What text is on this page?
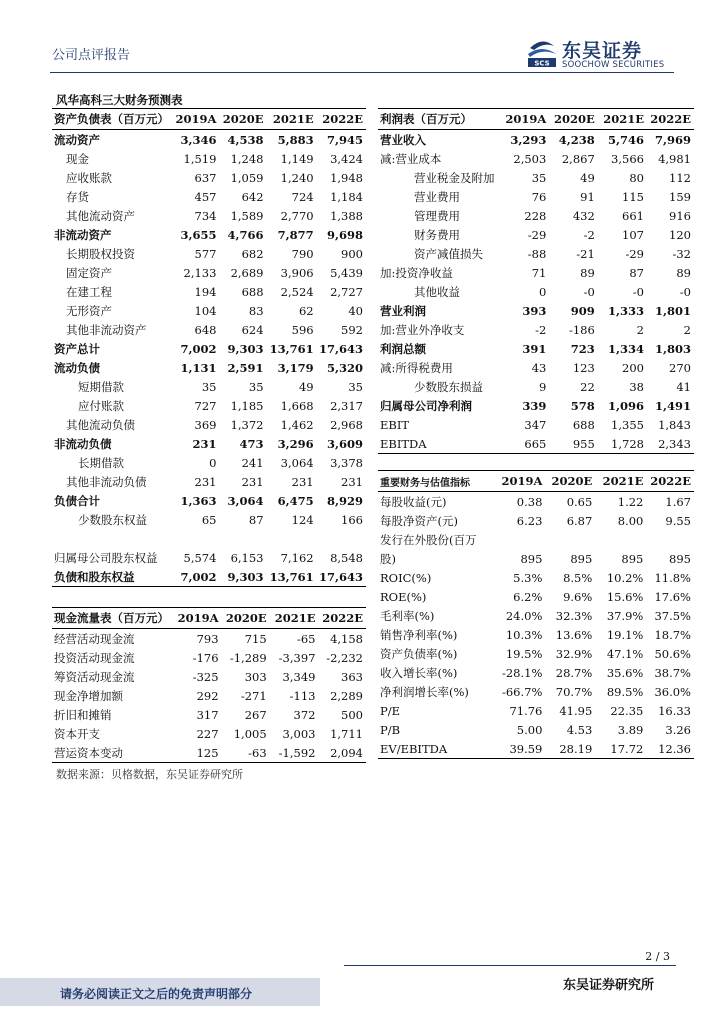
公司点评报告
SCS
东吴证券
SOOCHOW SECURITIES
风华高科三大财务预测表
资产负债表（百万元）	2019A	2020E	2021E	2022E
流动资产	3,346	4,538	5,883	7,945
现金	1,519	1,248	1,149	3,424
应收账款	637	1,059	1,240	1,948
存货	457	642	724	1,184
其他流动资产	734	1,589	2,770	1,388
非流动资产	3,655	4,766	7,877	9,698
长期股权投资	577	682	790	900
固定资产	2,133	2,689	3,906	5,439
在建工程	194	688	2,524	2,727
无形资产	104	83	62	40
其他非流动资产	648	624	596	592
资产总计	7,002	9,303	13,761	17,643
流动负债	1,131	2,591	3,179	5,320
短期借款	35	35	49	35
应付账款	727	1,185	1,668	2,317
其他流动负债	369	1,372	1,462	2,968
非流动负债	231	473	3,296	3,609
长期借款	0	241	3,064	3,378
其他非流动负债	231	231	231	231
负债合计	1,363	3,064	6,475	8,929
少数股东权益	65	87	124	166

归属母公司股东权益	5,574	6,153	7,162	8,548
负债和股东权益	7,002	9,303	13,761	17,643
利润表（百万元）	2019A	2020E	2021E	2022E
营业收入	3,293	4,238	5,746	7,969
减:营业成本	2,503	2,867	3,566	4,981
营业税金及附加	35	49	80	112
营业费用	76	91	115	159
管理费用	228	432	661	916
财务费用	-29	-2	107	120
资产减值损失	-88	-21	-29	-32
加:投资净收益	71	89	87	89
其他收益	0	-0	-0	-0
营业利润	393	909	1,333	1,801
加:营业外净收支	-2	-186	2	2
利润总额	391	723	1,334	1,803
减:所得税费用	43	123	200	270
少数股东损益	9	22	38	41
归属母公司净利润	339	578	1,096	1,491
EBIT	347	688	1,355	1,843
EBITDA	665	955	1,728	2,343
重要财务与估值指标	2019A	2020E	2021E	2022E
每股收益(元)	0.38	0.65	1.22	1.67
每股净资产(元)	6.23	6.87	8.00	9.55
发行在外股份(百万				
股)	895	895	895	895
ROIC(%)	5.3%	8.5%	10.2%	11.8%
ROE(%)	6.2%	9.6%	15.6%	17.6%
毛利率(%)	24.0%	32.3%	37.9%	37.5%
销售净利率(%)	10.3%	13.6%	19.1%	18.7%
资产负债率(%)	19.5%	32.9%	47.1%	50.6%
收入增长率(%)	-28.1%	28.7%	35.6%	38.7%
净利润增长率(%)	-66.7%	70.7%	89.5%	36.0%
P/E	71.76	41.95	22.35	16.33
P/B	5.00	4.53	3.89	3.26
EV/EBITDA	39.59	28.19	17.72	12.36
现金流量表（百万元）	2019A	2020E	2021E	2022E
经营活动现金流	793	715	-65	4,158
投资活动现金流	-176	-1,289	-3,397	-2,232
筹资活动现金流	-325	303	3,349	363
现金净增加额	292	-271	-113	2,289
折旧和摊销	317	267	372	500
资本开支	227	1,005	3,003	1,711
营运资本变动	125	-63	-1,592	2,094
数据来源：贝格数据，东吴证券研究所
2 / 3
请务必阅读正文之后的免责声明部分
东吴证券研究所
